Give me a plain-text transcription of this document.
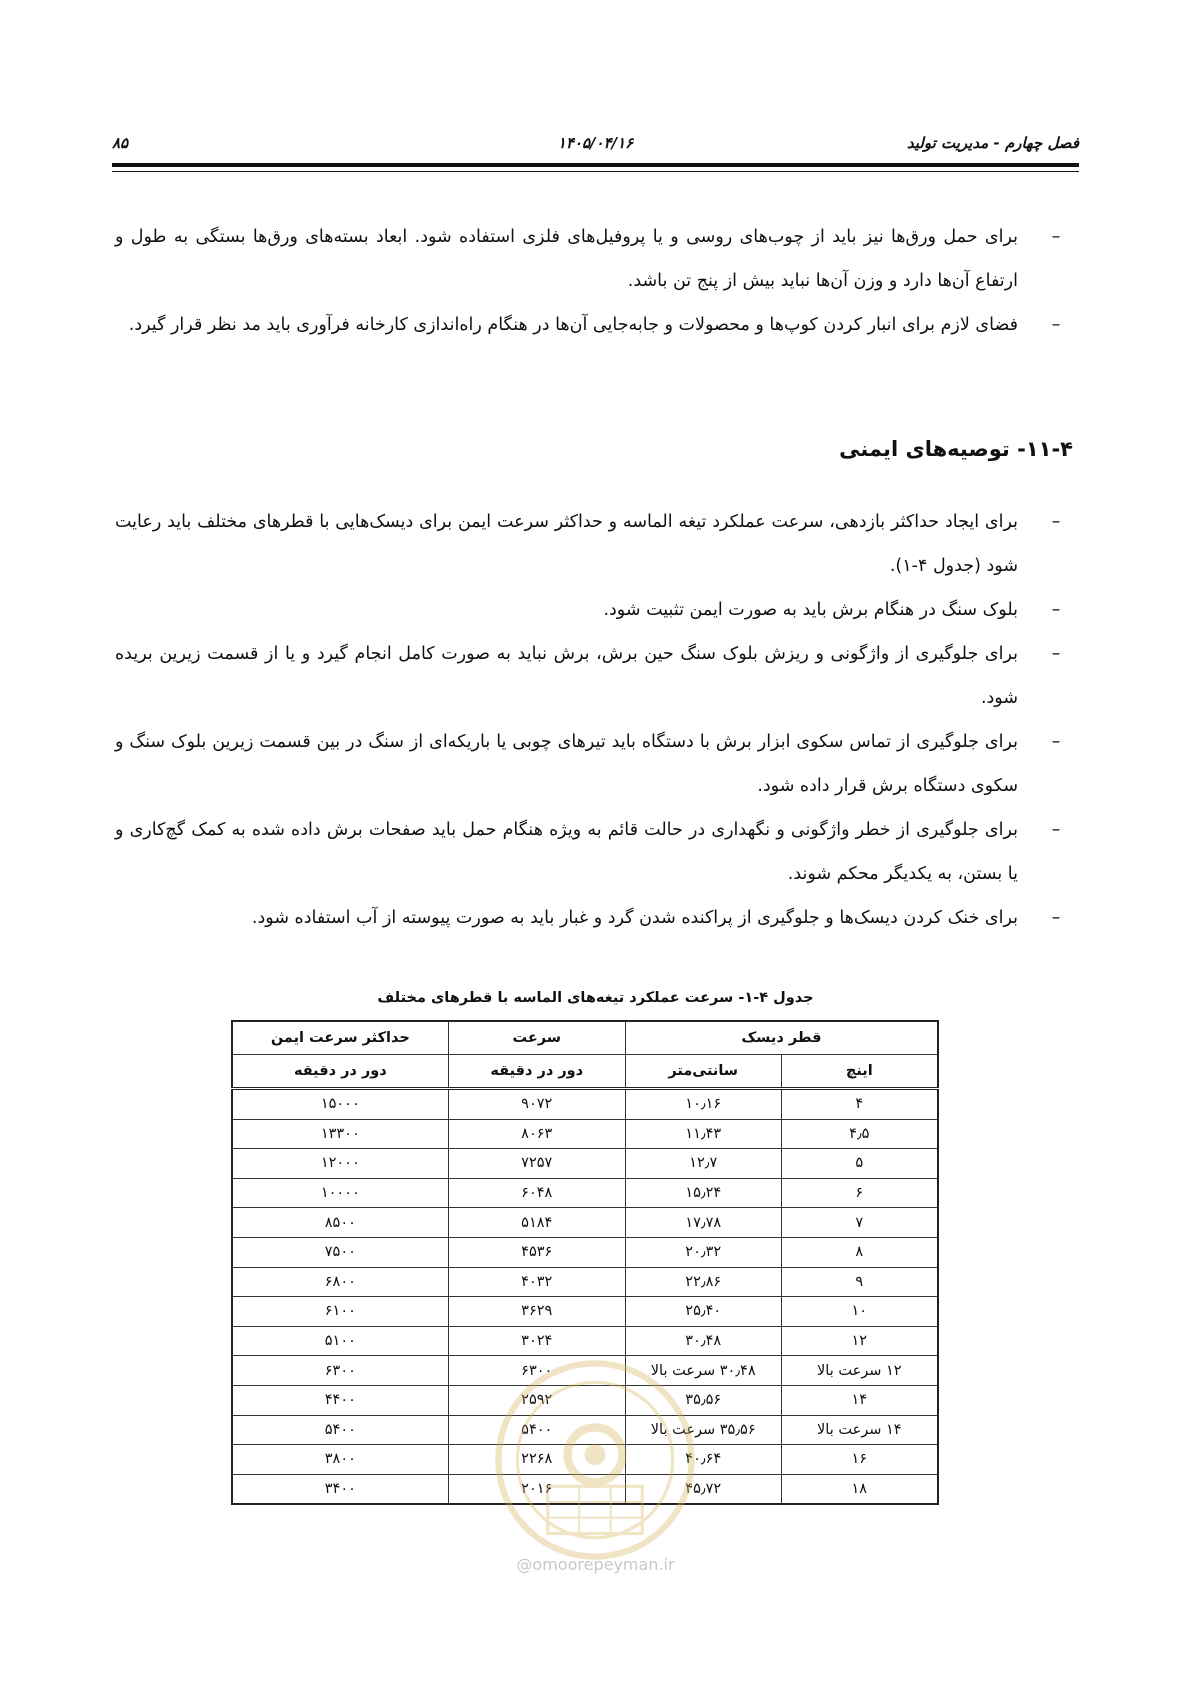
فصل چهارم - مدیریت تولید
۱۴۰۵/۰۴/۱۶
۸۵
–
برای حمل ورق‌ها نیز باید از چوب‌های روسی و یا پروفیل‌های فلزی استفاده شود. ابعاد بسته‌های ورق‌ها بستگی به طول و ارتفاع آن‌ها دارد و وزن آن‌ها نباید بیش از پنج تن باشد.
–
فضای لازم برای انبار کردن کوپ‌ها و محصولات و جابه‌جایی آن‌ها در هنگام راه‌اندازی کارخانه فرآوری باید مد نظر قرار گیرد.
۱۱-۴- توصیه‌های ایمنی
–
برای ایجاد حداکثر بازدهی، سرعت عملکرد تیغه الماسه و حداکثر سرعت ایمن برای دیسک‌هایی با قطرهای مختلف باید رعایت شود (جدول ۴-۱).
–
بلوک سنگ در هنگام برش باید به صورت ایمن تثبیت شود.
–
برای جلوگیری از واژگونی و ریزش بلوک سنگ حین برش، برش نباید به صورت کامل انجام گیرد و یا از قسمت زیرین بریده شود.
–
برای جلوگیری از تماس سکوی ابزار برش با دستگاه باید تیرهای چوبی یا باریکه‌ای از سنگ در بین قسمت زیرین بلوک سنگ و سکوی دستگاه برش قرار داده شود.
–
برای جلوگیری از خطر واژگونی و نگهداری در حالت قائم به ویژه هنگام حمل باید صفحات برش داده شده به کمک گچ‌کاری و یا بستن، به یکدیگر محکم شوند.
–
برای خنک کردن دیسک‌ها و جلوگیری از پراکنده شدن گرد و غبار باید به صورت پیوسته از آب استفاده شود.
جدول ۴-۱- سرعت عملکرد تیغه‌های الماسه با قطرهای مختلف
قطر دیسک		سرعت	حداکثر سرعت ایمن
اینچ	سانتی‌متر	دور در دقیقه	دور در دقیقه
۴	۱۰٫۱۶	۹۰۷۲	۱۵۰۰۰
۴٫۵	۱۱٫۴۳	۸۰۶۳	۱۳۳۰۰
۵	۱۲٫۷	۷۲۵۷	۱۲۰۰۰
۶	۱۵٫۲۴	۶۰۴۸	۱۰۰۰۰
۷	۱۷٫۷۸	۵۱۸۴	۸۵۰۰
۸	۲۰٫۳۲	۴۵۳۶	۷۵۰۰
۹	۲۲٫۸۶	۴۰۳۲	۶۸۰۰
۱۰	۲۵٫۴۰	۳۶۲۹	۶۱۰۰
۱۲	۳۰٫۴۸	۳۰۲۴	۵۱۰۰
۱۲ سرعت بالا	۳۰٫۴۸ سرعت بالا	۶۳۰۰	۶۳۰۰
۱۴	۳۵٫۵۶	۲۵۹۲	۴۴۰۰
۱۴ سرعت بالا	۳۵٫۵۶ سرعت بالا	۵۴۰۰	۵۴۰۰
۱۶	۴۰٫۶۴	۲۲۶۸	۳۸۰۰
۱۸	۴۵٫۷۲	۲۰۱۶	۳۴۰۰
@omoorepeyman.ir
